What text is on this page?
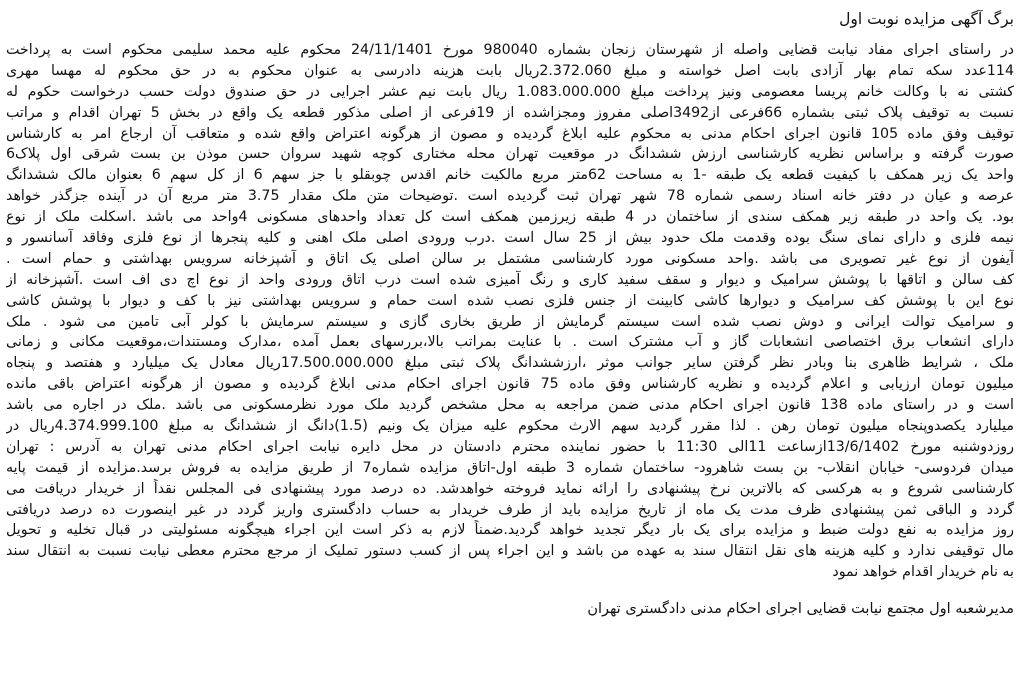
برگ آگهی مزایده نوبت اول
در راستای اجرای مفاد نیابت قضایی واصله از شهرستان زنجان بشماره 980040 مورخ 24/11/1401 محکوم علیه محمد سلیمی محکوم است به پرداخت
114عدد سکه تمام بهار آزادی بابت اصل خواسته و مبلغ 2.372.060ریال بابت هزینه دادرسی به عنوان محکوم به در حق محکوم له مهسا مهری
کشتی نه با وکالت خانم پریسا معصومی ونیز پرداخت مبلغ 1.083.000.000 ریال بابت نیم عشر اجرایی در حق صندوق دولت حسب درخواست حکوم له
نسبت به توقیف پلاک ثبتی بشماره 66فرعی از3492اصلی مفروز ومجزاشده از 19فرعی از اصلی مذکور قطعه یک واقع در بخش 5 تهران اقدام و مراتب
توقیف وفق ماده 105 قانون اجرای احکام مدنی به محکوم علیه ابلاغ گردیده و مصون از هرگونه اعتراض واقع شده و متعاقب آن ارجاع امر به کارشناس
صورت گرفته و براساس نظریه کارشناسی ارزش ششدانگ در موقعیت تهران محله مختاری کوچه شهید سروان حسن موذن بن بست شرقی اول پلاک6
واحد یک زیر همکف با کیفیت قطعه یک طبقه -1 به مساحت 62متر مربع مالکیت خانم اقدس چوبقلو با جز سهم 6 از کل سهم 6 بعنوان مالک ششدانگ
عرصه و عیان در دفتر خانه اسناد رسمی شماره 78 شهر تهران ثبت گردیده است .توضیحات متن ملک مقدار 3.75 متر مربع آن در آینده جزگذر خواهد
بود. یک واحد در طبقه زیر همکف سندی از ساختمان در 4 طبقه زیرزمین همکف است کل تعداد واحدهای مسکونی 4واحد می باشد .اسکلت ملک از نوع
نیمه فلزی و دارای نمای سنگ بوده وقدمت ملک حدود بیش از 25 سال است .درب ورودی اصلی ملک اهنی و کلیه پنجرها از نوع فلزی وفاقد آسانسور و
آیفون از نوع غیر تصویری می باشد .واحد مسکونی مورد کارشناسی مشتمل بر سالن اصلی یک اتاق و آشپزخانه سرویس بهداشتی و حمام است .
کف سالن و اتاقها با پوشش سرامیک و دیوار و سقف سفید کاری و رنگ آمیزی شده است درب اتاق ورودی واحد از نوع اچ دی اف است .آشپزخانه از
نوع این با پوشش کف سرامیک و دیوارها کاشی کابینت از جنس فلزی نصب شده است حمام و سرویس بهداشتی نیز با کف و دیوار با پوشش کاشی
و سرامیک توالت ایرانی و دوش نصب شده است سیستم گرمایش از طریق بخاری گازی و سیستم سرمایش با کولر آبی تامین می شود . ملک
دارای انشعاب برق اختصاصی انشعابات گاز و آب مشترک است . با عنایت بمراتب بالا،بررسهای بعمل آمده ،مدارک ومستندات،موقعیت مکانی و زمانی
ملک ، شرایط ظاهری بنا وبادر نظر گرفتن سایر جوانب موثر ،ارزششدانگ پلاک ثبتی مبلغ 17.500.000.000ریال معادل یک میلیارد و هفتصد و پنجاه
میلیون تومان ارزیابی و اعلام گردیده و نظریه کارشناس وفق ماده 75 قانون اجرای احکام مدنی ابلاغ گردیده و مصون از هرگونه اعتراض باقی مانده
است و در راستای ماده 138 قانون اجرای احکام مدنی ضمن مراجعه به محل مشخص گردید ملک مورد نظرمسکونی می باشد .ملک در اجاره می باشد
میلیارد یکصدوپنجاه میلیون تومان رهن . لذا مقرر گردید سهم الارث محکوم علیه میزان یک ونیم (1.5)دانگ از ششدانگ به مبلغ 4.374.999.100ریال در
روزدوشنبه مورخ 13/6/1402ازساعت 11الی 11:30 با حضور نماینده محترم دادستان در محل دایره نیابت اجرای احکام مدنی تهران به آدرس : تهران
میدان فردوسی- خیابان انقلاب- بن بست شاهرود- ساختمان شماره 3 طبقه اول-اتاق مزایده شماره7 از طریق مزایده به فروش برسد.مزایده از قیمت پایه
کارشناسی شروع و به هرکسی که بالاترین نرخ پیشنهادی را ارائه نماید فروخته خواهدشد. ده درصد مورد پیشنهادی فی المجلس نقداً از خریدار دریافت می
گردد و الباقی ثمن پیشنهادی ظرف مدت یک ماه از تاریخ مزایده باید از طرف خریدار به حساب دادگستری واریز گردد در غیر اینصورت ده درصد دریافتی
روز مزایده به نفع دولت ضبط و مزایده برای یک بار دیگر تجدید خواهد گردید.ضمناً لازم به ذکر است این اجراء هیچگونه مسئولیتی در قبال تخلیه و تحویل
مال توقیفی ندارد و کلیه هزینه های نقل انتقال سند به عهده من باشد و این اجراء پس از کسب دستور تملیک از مرجع محترم معطی نیابت نسبت به انتقال سند
به نام خریدار اقدام خواهد نمود
مدیرشعبه اول مجتمع نیابت قضایی اجرای احکام مدنی دادگستری تهران
